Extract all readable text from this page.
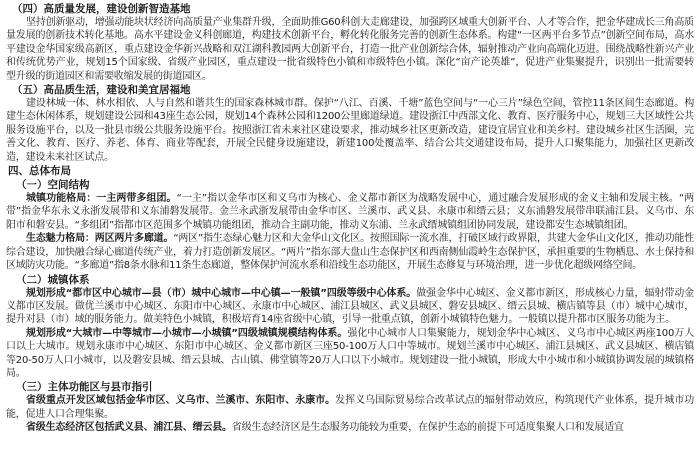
（四）高质量发展，建设创新智造基地

坚持创新驱动，增强动能块状经济向高质量产业集群升级，全面助推G60科创大走廊建设，加强跨区域重大创新平台、人才等合作，把金华建成长三角高质量发展的创新技术转化基地。高水平建设金义科创廊道，构建技术创新平台，孵化转化服务完善的创新生态体系。构建“一区两平台多节点”创新空间布局，高水平建设金华国家级高新区，重点建设金华新兴战略和双江湖科教园两大创新平台，打造一批产业创新综合体，辐射推动产业向高端化迈进。围绕战略性新兴产业和传统优势产业，规划15个国家级、省级产业园区，重点建设一批省级特色小镇和市级特色小镇。深化“亩产论英雄”，促进产业集聚提升，识别出一批需要转型升级的街道园区和需要收缩发展的街道园区。

（五）高品质生活，建设和美宜居福地

建设林城一体、林水相依、人与自然和谐共生的国家森林城市群。保护“八江、百溪、千塘”蓝色空间与“一心三片”绿色空间，管控11条区间生态廊道。构建生态休闲体系，规划建设公园和43座生态公园，规划14个森林公园和1200公里廊道绿道。建设浙江中西部文化、教育、医疗服务中心，规划三大区域性公共服务设施平台，以及一批县市级公共服务设施平台。按照浙江省未来社区建设要求，推动城乡社区更新改造，建设宜居宜业和美乡村。建设城乡社区生活圈，完善文化、教育、医疗、养老、体育、商业等配套，开展全民健身设施建设，新建100处覆盖率、结合公共交通建设布局，提升人口聚集能力，加强社区更新改造，建设未来社区试点。

四、总体布局
（一）空间结构

城镇功能格局：一主两带多组团。“一主”指以金华市区和义乌市为核心、金义都市新区为战略发展中心，通过融合发展形成的金义主轴和发展主核。“两带”指金华东永义永浙发展带和义东浦磐发展带。金兰永武浙发展带由金华市区、兰溪市、武义县、永康市和缙云县；义东浦磐发展带串联浦江县、义乌市、东阳市和磐安县。“多组团”指都市区范围多个城镇功能组团，推动合主副功能，推动义东浦、兰永武缙城镇组团协同发展，建设都安生态城镇组团。

生态魅力格局：两区两片多廊道。“两区”指生态绿心魅力区和大金华山文化区。按照国际一流水准，打破区域行政界限，共建大金华山文化区，推动功能性综合建设，加快融合绿心廊道传统产业，着力打造创新发展区。“两片”指东部大盘山生态保护区和西南侧仙霞岭生态保护区，承担重要的生物栖息、水土保持和区域防灾功能。“多廊道”指8条水脉和11条生态廊道，整体保护河流水系和沿线生态功能区，开展生态修复与环境治理，进一步优化超级网络空间。

（二）城镇体系

规划形成“都市区中心城市—县（市）城中心城市—中心镇—一般镇”四级等级中心体系。做强金华中心城区、金义都市新区，形成核心力量，辐射带动金义都市区发展。做优兰溪市中心城区、东阳市中心城区、永康市中心城区、浦江县城区、武义县城区、磐安县城区、缙云县城、横店镇等县（市）城中心城市，提升对县（市）域的服务能力。做美特色小城镇，积极培育14座省级中心镇，引导一批重点镇，创新小城镇特色魅力。一般镇以提升都市区服务功能为主。

规划形成“大城市—中等城市—小城市—小城镇”四级城镇规模结构体系。强化中心城市人口集聚能力，规划金华中心城区、义乌市中心城区两座100万人口以上大城市。规划永康市中心城区、东阳市中心城区、金义都市新区三座50-100万人口中等城市。规划兰溪市中心城区、浦江县城区、武义县城区、横店镇等20-50万人口小城市，以及磐安县城、缙云县城、古山镇、佛堂镇等20万人口以下小城市。规划建设一批小城镇，形成大中小城市和小城镇协调发展的城镇格局。

（三）主体功能区与县市指引

省级重点开发区域包括金华市区、义乌市、兰溪市、东阳市、永康市。发挥义乌国际贸易综合改革试点的辐射带动效应，构筑现代产业体系，提升城市功能，促进人口合理集聚。

省级生态经济区包括武义县、浦江县、缙云县。省级生态经济区是生态服务功能较为重要，在保护生态的前提下可适度集聚人口和发展适宜
